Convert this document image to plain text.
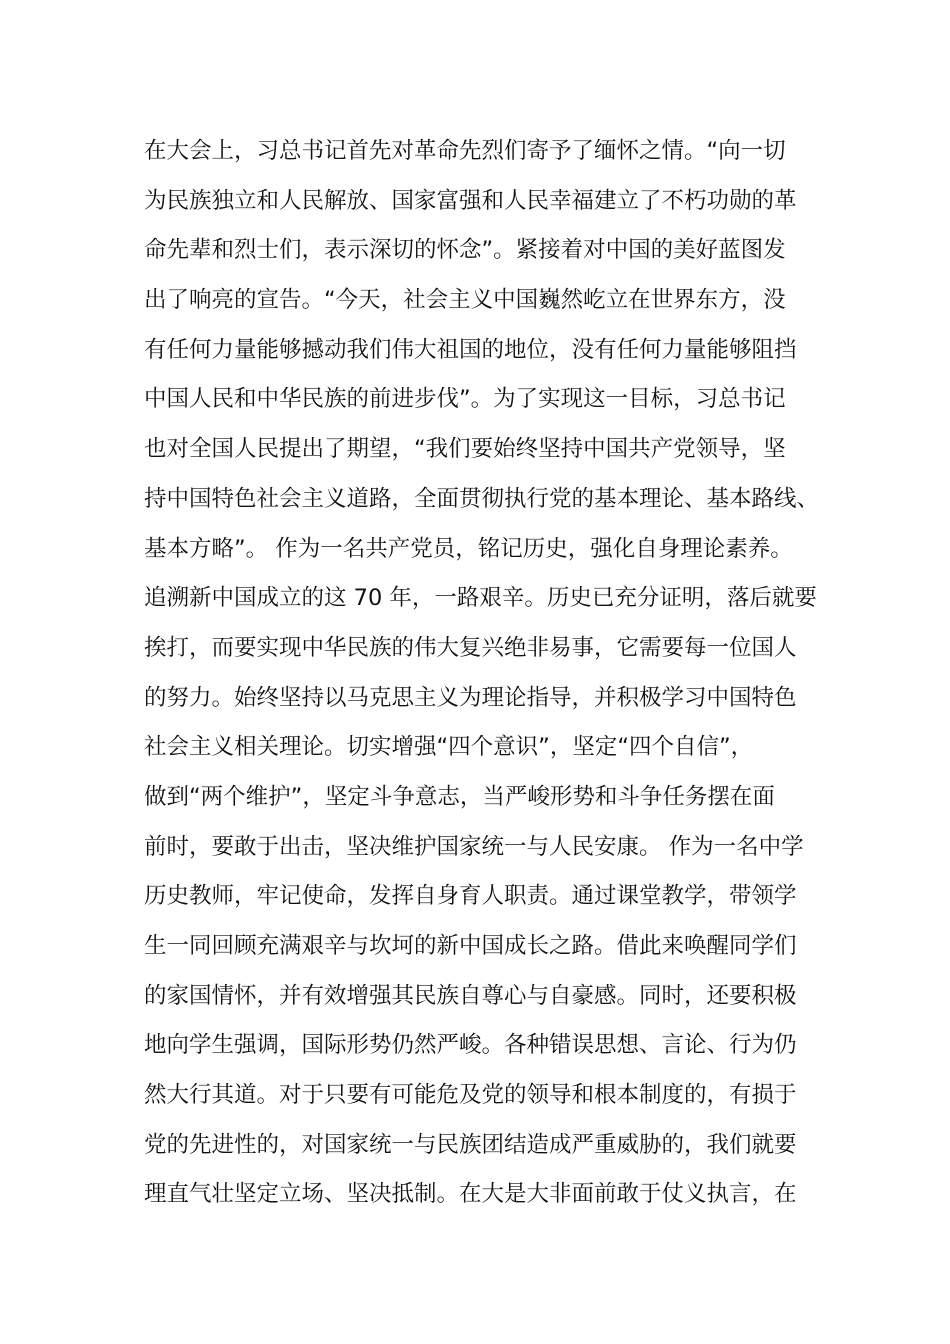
在大会上，习总书记首先对革命先烈们寄予了缅怀之情。“向一切
为民族独立和人民解放、国家富强和人民幸福建立了不朽功勋的革
命先辈和烈士们，表示深切的怀念”。紧接着对中国的美好蓝图发
出了响亮的宣告。“今天，社会主义中国巍然屹立在世界东方，没
有任何力量能够撼动我们伟大祖国的地位，没有任何力量能够阻挡
中国人民和中华民族的前进步伐”。为了实现这一目标，习总书记
也对全国人民提出了期望，“我们要始终坚持中国共产党领导，坚
持中国特色社会主义道路，全面贯彻执行党的基本理论、基本路线、
基本方略”。 作为一名共产党员，铭记历史，强化自身理论素养。
追溯新中国成立的这 70 年，一路艰辛。历史已充分证明，落后就要
挨打，而要实现中华民族的伟大复兴绝非易事，它需要每一位国人
的努力。始终坚持以马克思主义为理论指导，并积极学习中国特色
社会主义相关理论。切实增强“四个意识”，坚定“四个自信”，
做到“两个维护”，坚定斗争意志，当严峻形势和斗争任务摆在面
前时，要敢于出击，坚决维护国家统一与人民安康。 作为一名中学
历史教师，牢记使命，发挥自身育人职责。通过课堂教学，带领学
生一同回顾充满艰辛与坎坷的新中国成长之路。借此来唤醒同学们
的家国情怀，并有效增强其民族自尊心与自豪感。同时，还要积极
地向学生强调，国际形势仍然严峻。各种错误思想、言论、行为仍
然大行其道。对于只要有可能危及党的领导和根本制度的，有损于
党的先进性的，对国家统一与民族团结造成严重威胁的，我们就要
理直气壮坚定立场、坚决抵制。在大是大非面前敢于仗义执言，在
